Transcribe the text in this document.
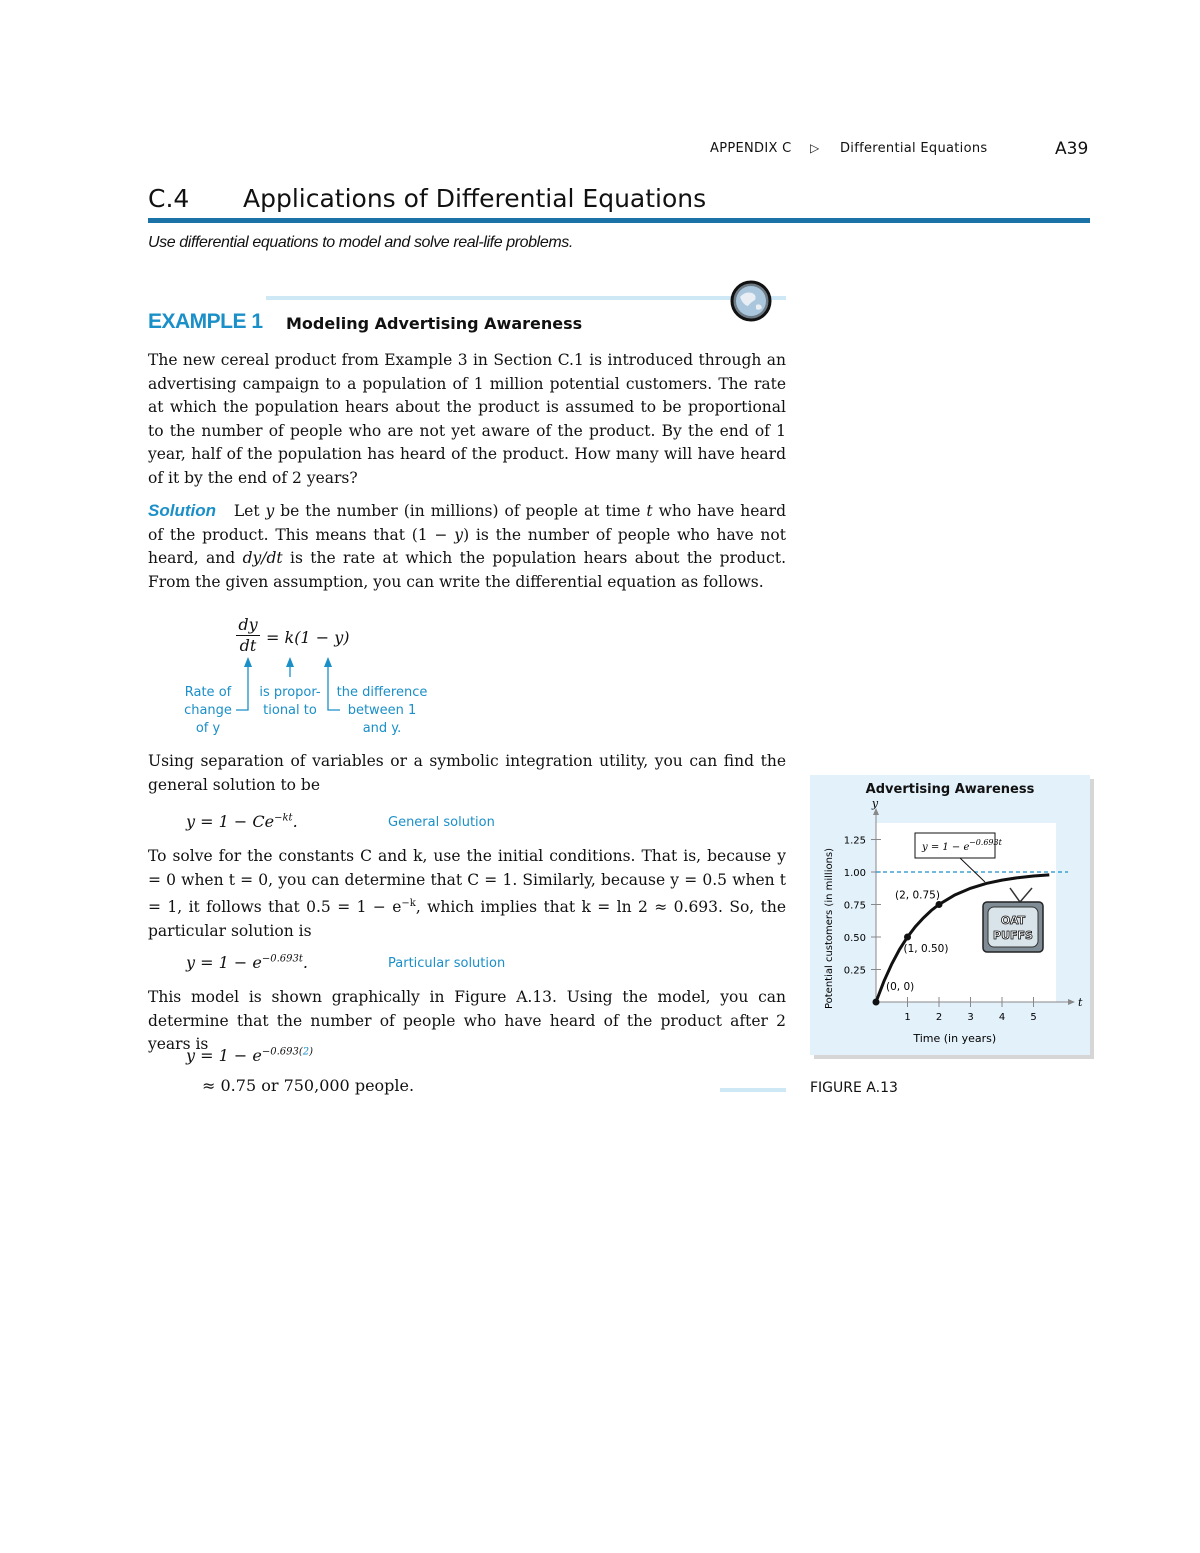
APPENDIX C ▷ Differential Equations	A39
C.4 Applications of Differential Equations
Use differential equations to model and solve real-life problems.
EXAMPLE 1 Modeling Advertising Awareness
The new cereal product from Example 3 in Section C.1 is introduced through an advertising campaign to a population of 1 million potential customers. The rate at which the population hears about the product is assumed to be proportional to the number of people who are not yet aware of the product. By the end of 1 year, half of the population has heard of the product. How many will have heard of it by the end of 2 years?
Solution Let y be the number (in millions) of people at time t who have heard of the product. This means that (1 − y) is the number of people who have not heard, and dy/dt is the rate at which the population hears about the product. From the given assumption, you can write the differential equation as follows.
$\frac{dy}{dt} = k(1 - y)$
Rate of
change
of y
is propor-
tional to
the difference
between 1
and y.
Using separation of variables or a symbolic integration utility, you can find the general solution to be
$y = 1 - Ce^{-kt}$.	General solution
To solve for the constants C and k, use the initial conditions. That is, because y = 0 when t = 0, you can determine that C = 1. Similarly, because y = 0.5 when t = 1, it follows that $0.5 = 1 - e^{-k}$, which implies that k = ln 2 ≈ 0.693. So, the particular solution is
$y = 1 - e^{-0.693t}$.	Particular solution
This model is shown graphically in Figure A.13. Using the model, you can determine that the number of people who have heard of the product after 2 years is
$y = 1 - e^{-0.693(2)}$
≈ 0.75 or 750,000 people.
Advertising Awareness
t
y
1	2	3	4	5
0.25
0.50
0.75
1.00
1.25
Time (in years)
Potential customers (in millions)	(0, 0)
(1, 0.50)
(2, 0.75)
y = 1 − e −0.693t
OAT
PUFFS
FIGURE A.13
